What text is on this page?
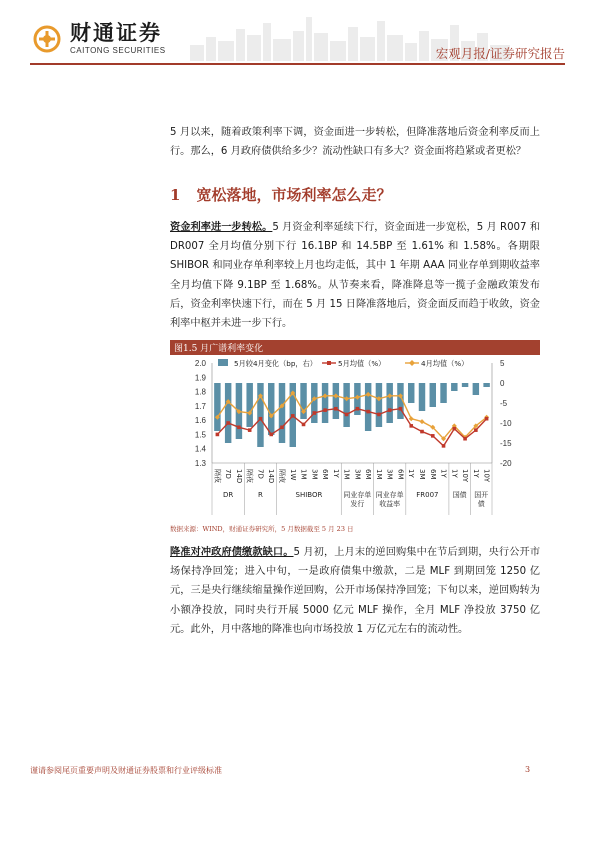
财通证券
CAITONG SECURITIES	宏观月报/证券研究报告
5 月以来，随着政策利率下调，资金面进一步转松，但降准落地后资金利率反而上行。那么，6 月政府债供给多少？流动性缺口有多大？资金面将趋紧或者更松？
1 宽松落地，市场利率怎么走？
资金利率进一步转松。5 月资金利率延续下行，资金面进一步宽松，5 月 R007 和 DR007 全月均值分别下行 16.1BP 和 14.5BP 至 1.61% 和 1.58%。各期限 SHIBOR 和同业存单利率较上月也均走低，其中 1 年期 AAA 同业存单到期收益率全月均值下降 9.1BP 至 1.68%。从节奏来看，降准降息等一揽子金融政策发布后，资金利率快速下行，而在 5 月 15 日降准落地后，资金面反而趋于收敛，资金利率中枢并未进一步下行。
图1.5 月广谱利率变化
2.0
1.9
1.8
1.7
1.6
1.5
1.4
1.3
5
0
-5
-10
-15
-20
5月较4月变化（bp，右）	5月均值（%）	4月均值（%）
隔夜 7D 14D 隔夜 7D 14D 隔夜 1W 1M 3M 6M 1Y 1M 3M 6M 1M 3M 6M 1Y 3M 6M 1Y 1Y 10Y 1Y 10Y
DR	R	SHIBOR	同业存单
发行
同业存单
收益率
FR007 国债 国开
债
数据来源：WIND，财通证券研究所，5 月数据截至 5 月 23 日
降准对冲政府债缴款缺口。5 月初，上月末的逆回购集中在节后到期，央行公开市场保持净回笼；进入中旬，一是政府债集中缴款，二是 MLF 到期回笼 1250 亿元，三是央行继续缩量操作逆回购，公开市场保持净回笼；下旬以来，逆回购转为小额净投放，同时央行开展 5000 亿元 MLF 操作，全月 MLF 净投放 3750 亿元。此外，月中落地的降准也向市场投放 1 万亿元左右的流动性。
谨请参阅尾页重要声明及财通证券股票和行业评级标准	3
